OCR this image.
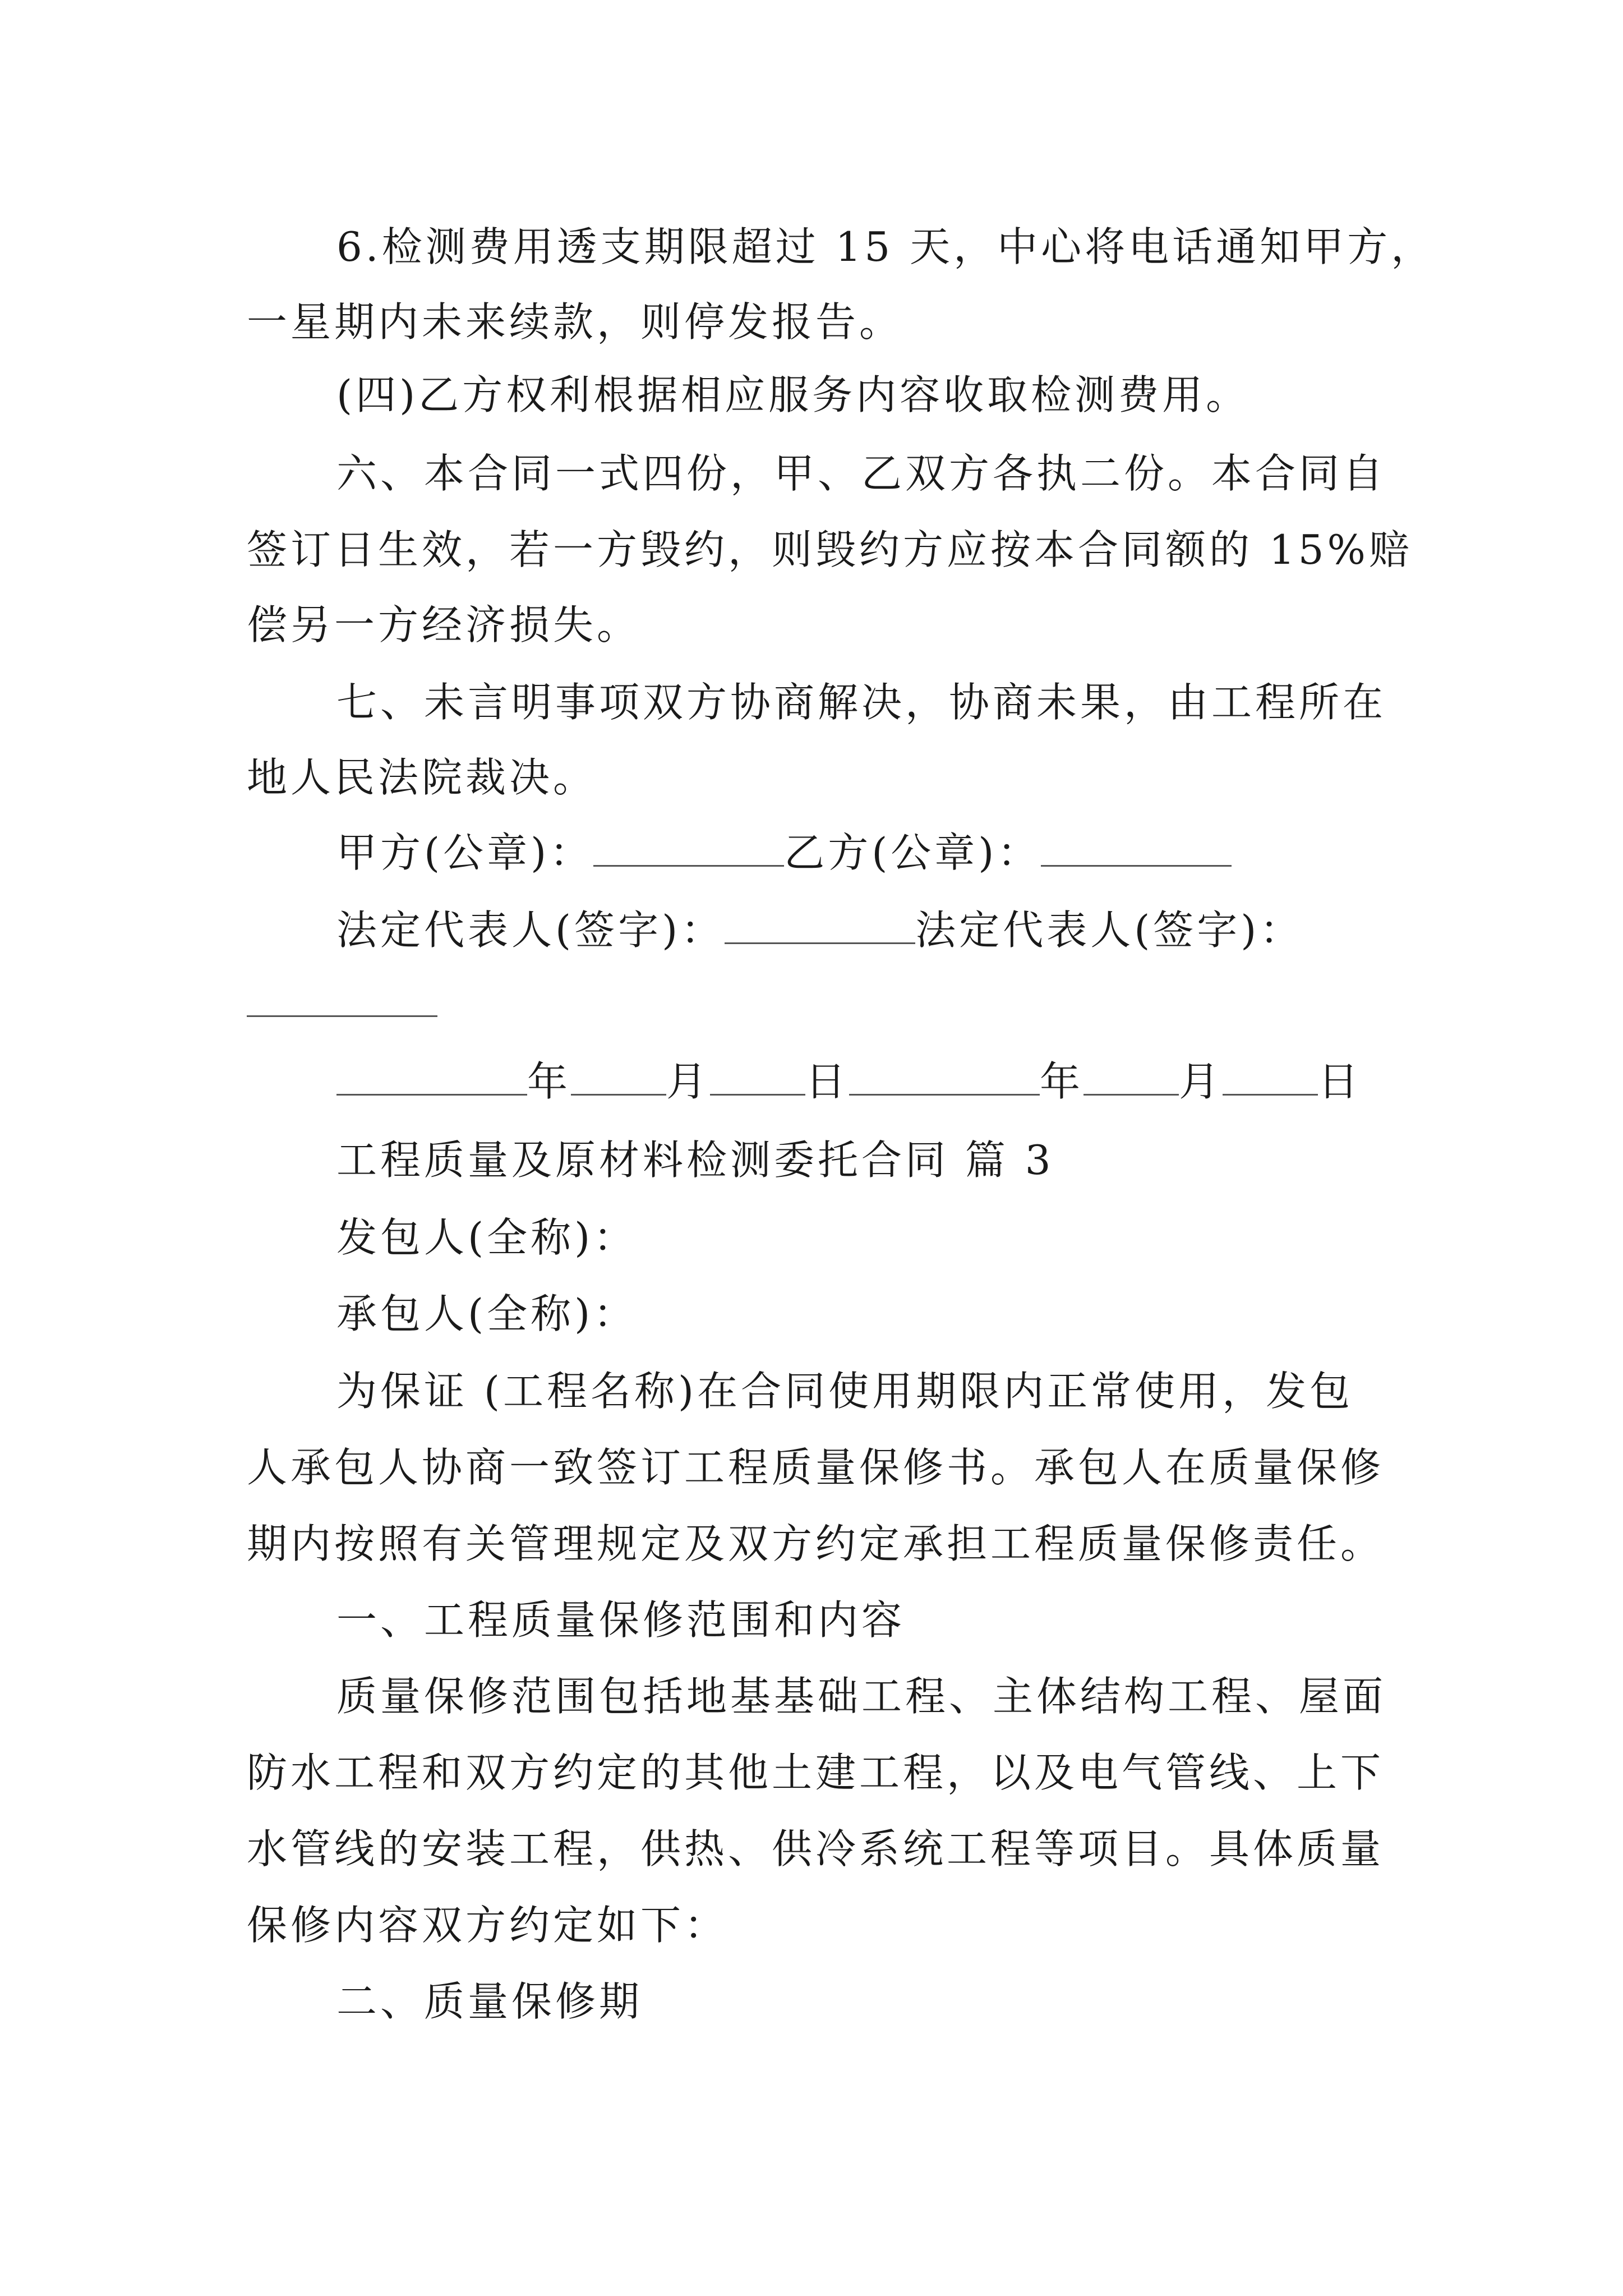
6.检测费用透支期限超过 15 天，中心将电话通知甲方，
一星期内未来续款，则停发报告。
(四)乙方权利根据相应服务内容收取检测费用。
六、本合同一式四份，甲、乙双方各执二份。本合同自
签订日生效，若一方毁约，则毁约方应按本合同额的 15%赔
偿另一方经济损失。
七、未言明事项双方协商解决，协商未果，由工程所在
地人民法院裁决。
甲方(公章)：	乙方(公章)：
法定代表人(签字)：	法定代表人(签字)：
年 月 日	年 月 日
工程质量及原材料检测委托合同 篇 3
发包人(全称)：
承包人(全称)：
为保证 (工程名称)在合同使用期限内正常使用，发包
人承包人协商一致签订工程质量保修书。承包人在质量保修
期内按照有关管理规定及双方约定承担工程质量保修责任。
一、工程质量保修范围和内容
质量保修范围包括地基基础工程、主体结构工程、屋面
防水工程和双方约定的其他土建工程，以及电气管线、上下
水管线的安装工程，供热、供冷系统工程等项目。具体质量
保修内容双方约定如下：
二、质量保修期
